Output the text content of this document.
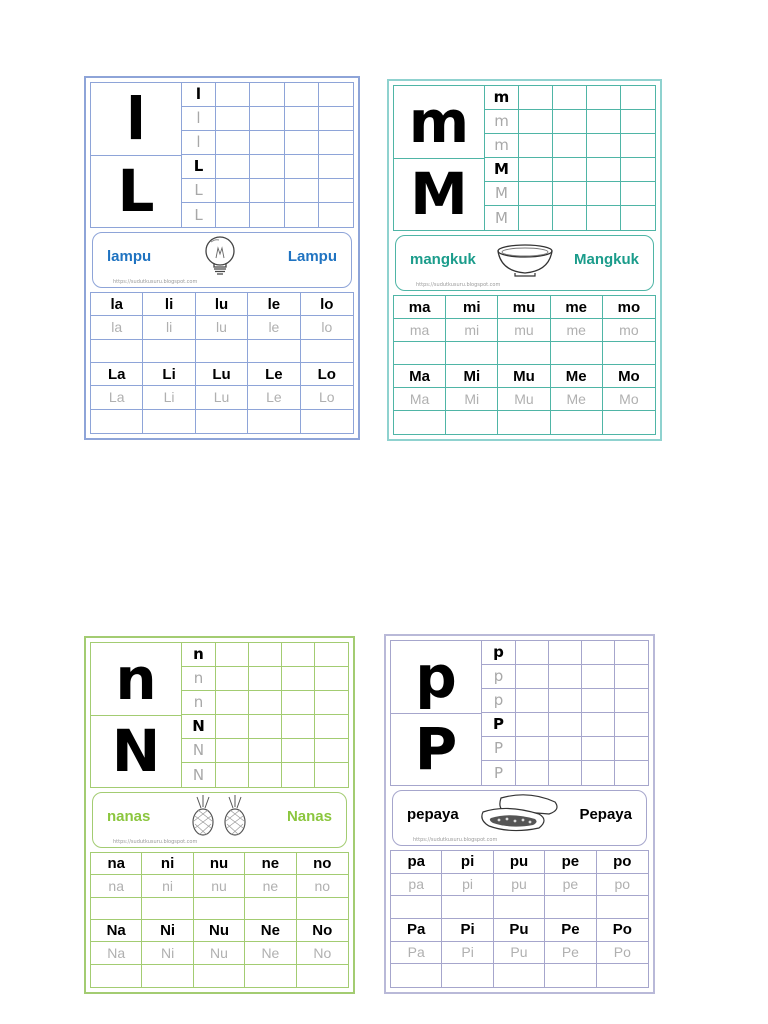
l
L
l
l
l
L
L
L
lampu	Lampu
https://sudutkusuru.blogspot.com
la	li	lu	le	lo
la	li	lu	le	lo
La	Li	Lu	Le	Lo
La	Li	Lu	Le	Lo
m
M
m
m
m
M
M
M
mangkuk	Mangkuk
https://sudutkusuru.blogspot.com
ma	mi	mu	me	mo
ma	mi	mu	me	mo
Ma	Mi	Mu	Me	Mo
Ma	Mi	Mu	Me	Mo
n
N
n
n
n
N
N
N
nanas	Nanas
https://sudutkusuru.blogspot.com
na	ni	nu	ne	no
na	ni	nu	ne	no
Na	Ni	Nu	Ne	No
Na	Ni	Nu	Ne	No
p
P
p
p
p
P
P
P
pepaya	Pepaya
https://sudutkusuru.blogspot.com
pa	pi	pu	pe	po
pa	pi	pu	pe	po
Pa	Pi	Pu	Pe	Po
Pa	Pi	Pu	Pe	Po
